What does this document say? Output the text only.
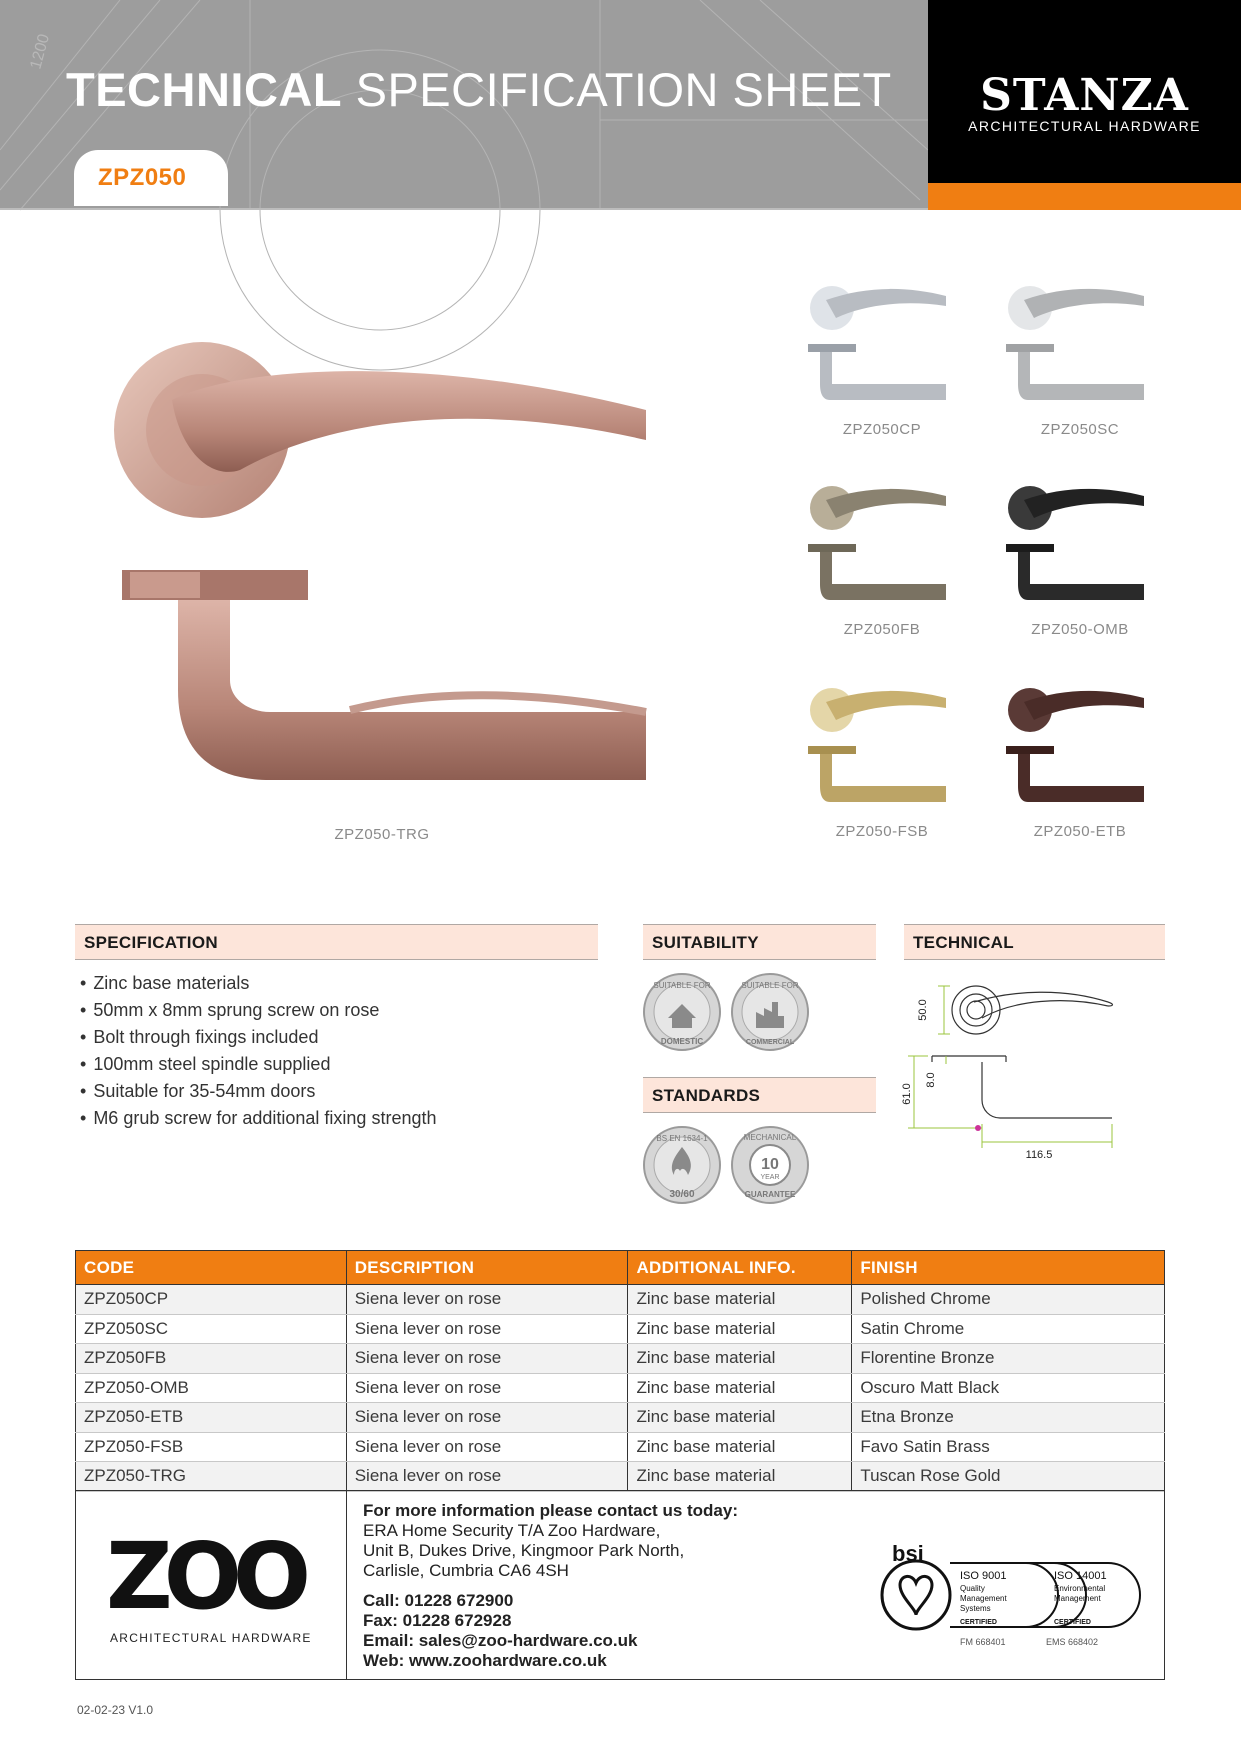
1200
TECHNICAL SPECIFICATION SHEET
ZPZ050
STANZA
ARCHITECTURAL HARDWARE
ZPZ050-TRG
ZPZ050CP	ZPZ050SC
ZPZ050FB	ZPZ050-OMB
ZPZ050-FSB	ZPZ050-ETB
SPECIFICATION
• Zinc base materials
• 50mm x 8mm sprung screw on rose
• Bolt through fixings included
• 100mm steel spindle supplied
• Suitable for 35-54mm doors
• M6 grub screw for additional fixing strength
SUITABILITY
SUITABLE FOR
DOMESTIC
SUITABLE FOR
COMMERCIAL
STANDARDS
BS EN 1634-1
30/60
10
YEAR
MECHANICAL
GUARANTEE
TECHNICAL
50.0
8.0
61.0
116.5
CODE	DESCRIPTION	ADDITIONAL INFO.	FINISH
ZPZ050CP	Siena lever on rose	Zinc base material	Polished Chrome
ZPZ050SC	Siena lever on rose	Zinc base material	Satin Chrome
ZPZ050FB	Siena lever on rose	Zinc base material	Florentine Bronze
ZPZ050-OMB	Siena lever on rose	Zinc base material	Oscuro Matt Black
ZPZ050-ETB	Siena lever on rose	Zinc base material	Etna Bronze
ZPZ050-FSB	Siena lever on rose	Zinc base material	Favo Satin Brass
ZPZ050-TRG	Siena lever on rose	Zinc base material	Tuscan Rose Gold
ZOO
ARCHITECTURAL HARDWARE
For more information please contact us today:
ERA Home Security T/A Zoo Hardware,
Unit B, Dukes Drive, Kingmoor Park North,
Carlisle, Cumbria CA6 4SH
Call: 01228 672900
Fax: 01228 672928
Email: sales@zoo-hardware.co.uk
Web: www.zoohardware.co.uk
bsi
ISO 9001
Quality
Management
Systems
CERTIFIED
ISO 14001
Environmental
Management
CERTIFIED
FM 668401	EMS 668402
02-02-23 V1.0
